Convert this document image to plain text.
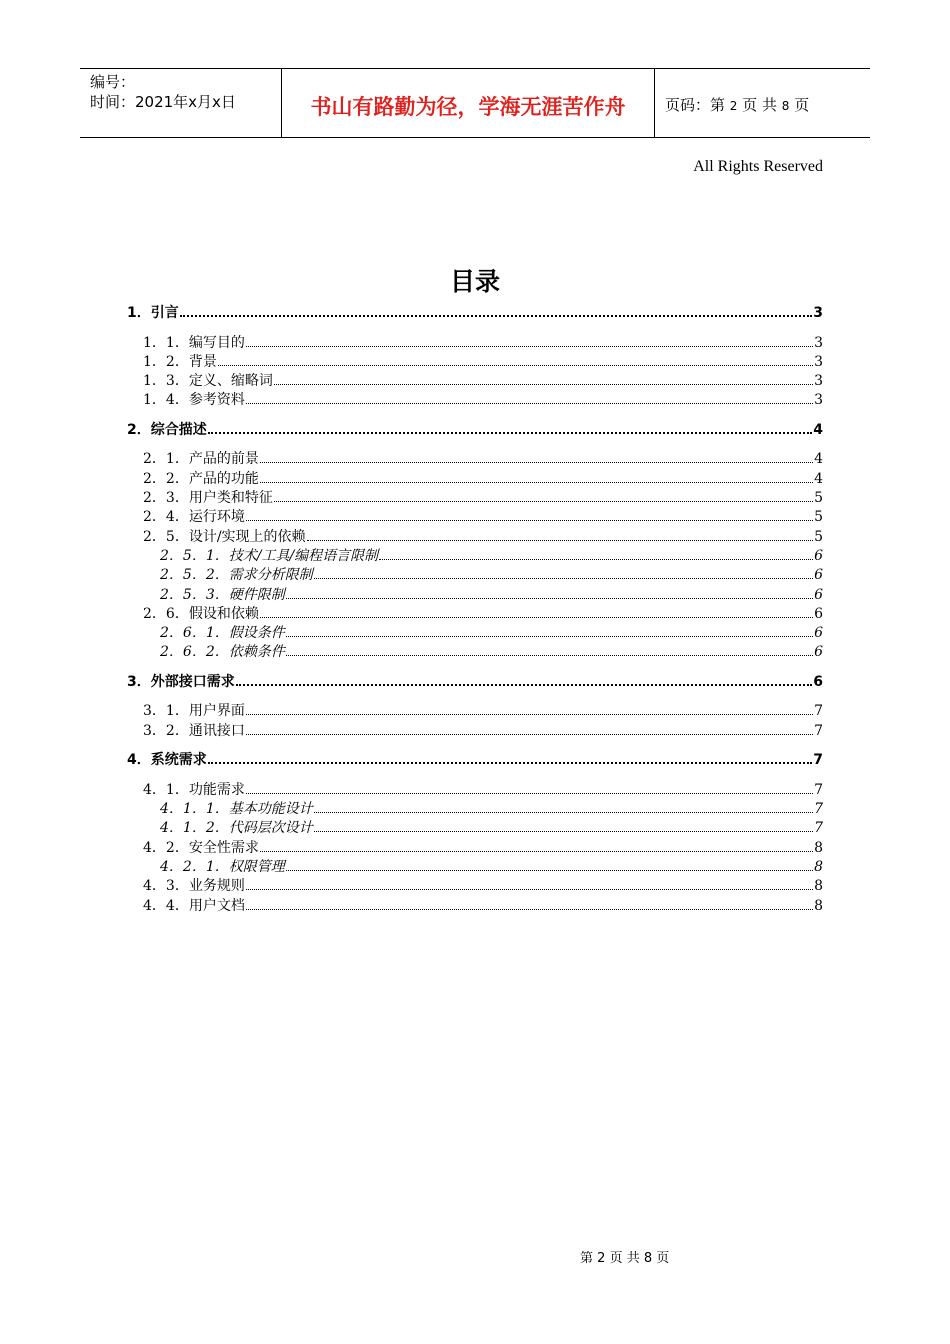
编号：
时间：2021年x月x日	书山有路勤为径，学海无涯苦作舟	页码：第 2 页 共 8 页
All Rights Reserved
目录
1． 引言	3
1．1． 编写目的	3
1．2． 背景	3
1．3． 定义、缩略词	3
1．4． 参考资料	3
2． 综合描述	4
2．1． 产品的前景	4
2．2． 产品的功能	4
2．3． 用户类和特征	5
2．4． 运行环境	5
2．5． 设计/实现上的依赖	5
2．5．1． 技术/工具/编程语言限制	6
2．5．2． 需求分析限制	6
2．5．3． 硬件限制	6
2．6． 假设和依赖	6
2．6．1． 假设条件	6
2．6．2． 依赖条件	6
3． 外部接口需求	6
3．1． 用户界面	7
3．2． 通讯接口	7
4． 系统需求	7
4．1． 功能需求	7
4．1．1． 基本功能设计	7
4．1．2． 代码层次设计	7
4．2． 安全性需求	8
4．2．1． 权限管理	8
4．3． 业务规则	8
4．4． 用户文档	8
第 2 页 共 8 页
